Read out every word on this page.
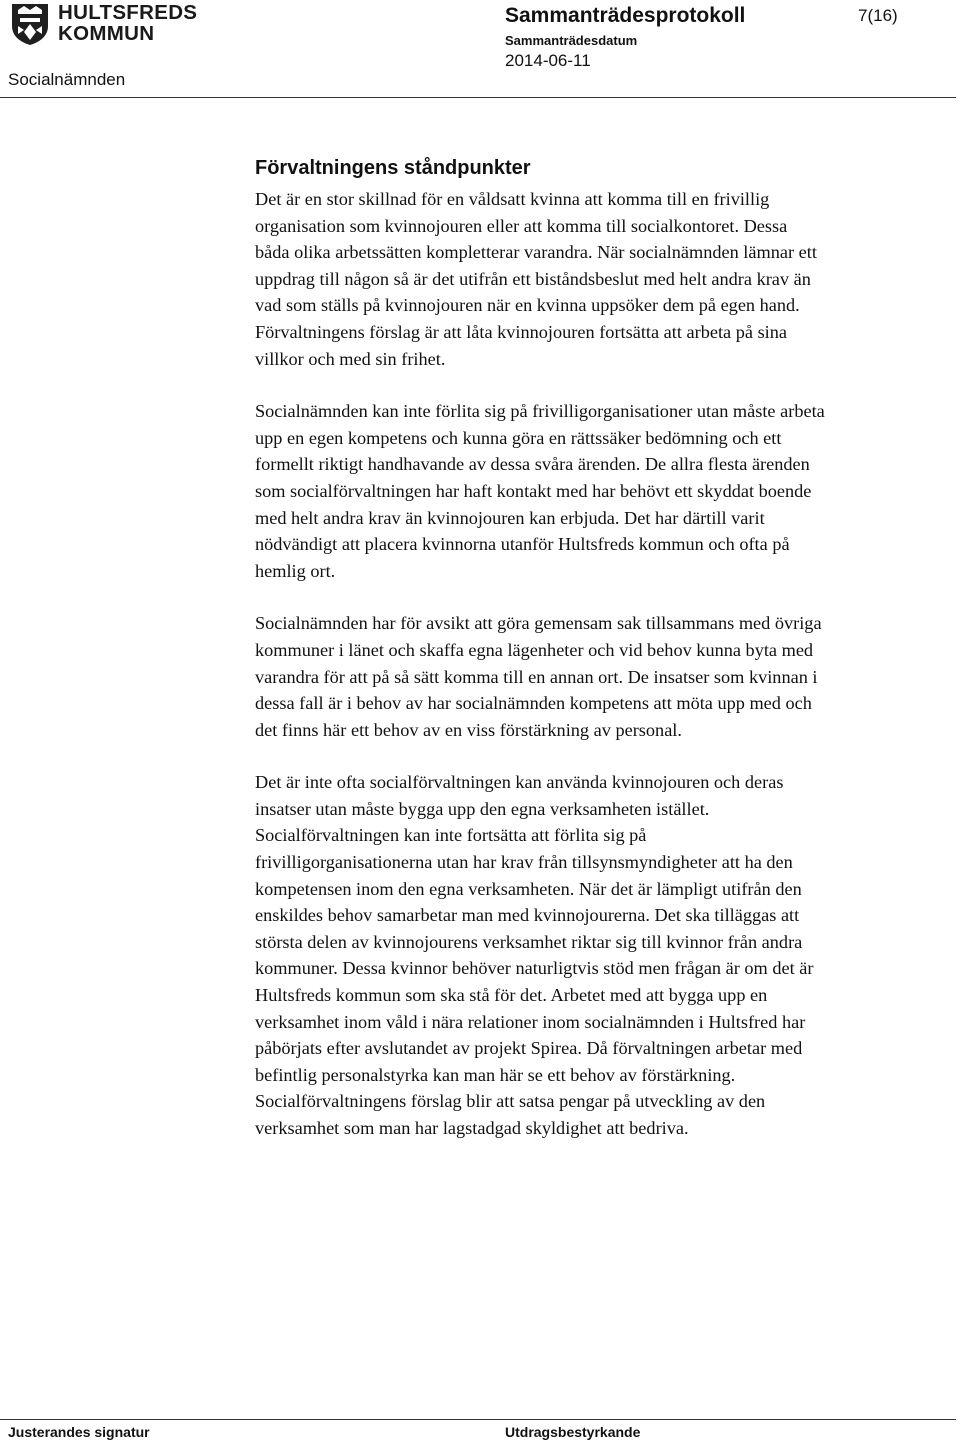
HULTSFREDS
KOMMUN
Socialnämnden
Sammanträdesprotokoll
Sammanträdesdatum
2014-06-11
7(16)
Förvaltningens ståndpunkter

Det är en stor skillnad för en våldsatt kvinna att komma till en frivillig
organisation som kvinnojouren eller att komma till socialkontoret. Dessa
båda olika arbetssätten kompletterar varandra. När socialnämnden lämnar ett
uppdrag till någon så är det utifrån ett biståndsbeslut med helt andra krav än
vad som ställs på kvinnojouren när en kvinna uppsöker dem på egen hand.
Förvaltningens förslag är att låta kvinnojouren fortsätta att arbeta på sina
villkor och med sin frihet.

Socialnämnden kan inte förlita sig på frivilligorganisationer utan måste arbeta
upp en egen kompetens och kunna göra en rättssäker bedömning och ett
formellt riktigt handhavande av dessa svåra ärenden. De allra flesta ärenden
som socialförvaltningen har haft kontakt med har behövt ett skyddat boende
med helt andra krav än kvinnojouren kan erbjuda. Det har därtill varit
nödvändigt att placera kvinnorna utanför Hultsfreds kommun och ofta på
hemlig ort.

Socialnämnden har för avsikt att göra gemensam sak tillsammans med övriga
kommuner i länet och skaffa egna lägenheter och vid behov kunna byta med
varandra för att på så sätt komma till en annan ort. De insatser som kvinnan i
dessa fall är i behov av har socialnämnden kompetens att möta upp med och
det finns här ett behov av en viss förstärkning av personal.

Det är inte ofta socialförvaltningen kan använda kvinnojouren och deras
insatser utan måste bygga upp den egna verksamheten istället.
Socialförvaltningen kan inte fortsätta att förlita sig på
frivilligorganisationerna utan har krav från tillsynsmyndigheter att ha den
kompetensen inom den egna verksamheten. När det är lämpligt utifrån den
enskildes behov samarbetar man med kvinnojourerna. Det ska tilläggas att
största delen av kvinnojourens verksamhet riktar sig till kvinnor från andra
kommuner. Dessa kvinnor behöver naturligtvis stöd men frågan är om det är
Hultsfreds kommun som ska stå för det. Arbetet med att bygga upp en
verksamhet inom våld i nära relationer inom socialnämnden i Hultsfred har
påbörjats efter avslutandet av projekt Spirea. Då förvaltningen arbetar med
befintlig personalstyrka kan man här se ett behov av förstärkning.
Socialförvaltningens förslag blir att satsa pengar på utveckling av den
verksamhet som man har lagstadgad skyldighet att bedriva.

Justerandes signatur	Utdragsbestyrkande
